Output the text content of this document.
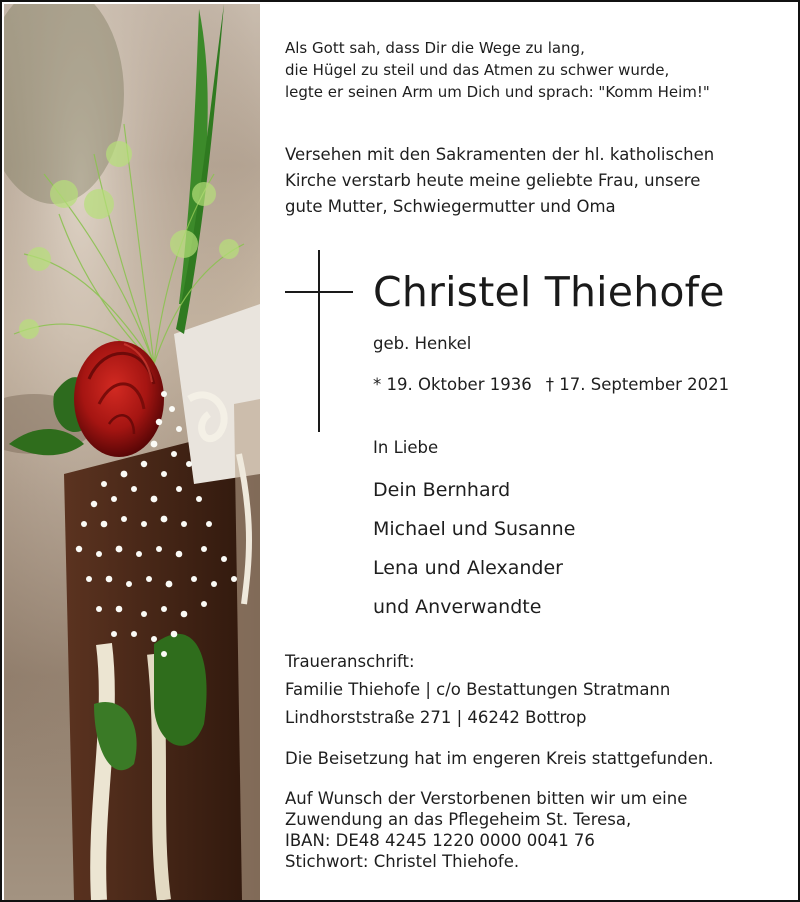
Als Gott sah, dass Dir die Wege zu lang,
die Hügel zu steil und das Atmen zu schwer wurde,
legte er seinen Arm um Dich und sprach: "Komm Heim!"
Versehen mit den Sakramenten der hl. katholischen
Kirche verstarb heute meine geliebte Frau, unsere
gute Mutter, Schwiegermutter und Oma
Christel Thiehofe
geb. Henkel
* 19. Oktober 1936 † 17. September 2021
In Liebe
Dein Bernhard
Michael und Susanne
Lena und Alexander
und Anverwandte
Traueranschrift:
Familie Thiehofe | c/o Bestattungen Stratmann
Lindhorststraße 271 | 46242 Bottrop
Die Beisetzung hat im engeren Kreis stattgefunden.
Auf Wunsch der Verstorbenen bitten wir um eine
Zuwendung an das Pflegeheim St. Teresa,
IBAN: DE48 4245 1220 0000 0041 76
Stichwort: Christel Thiehofe.
